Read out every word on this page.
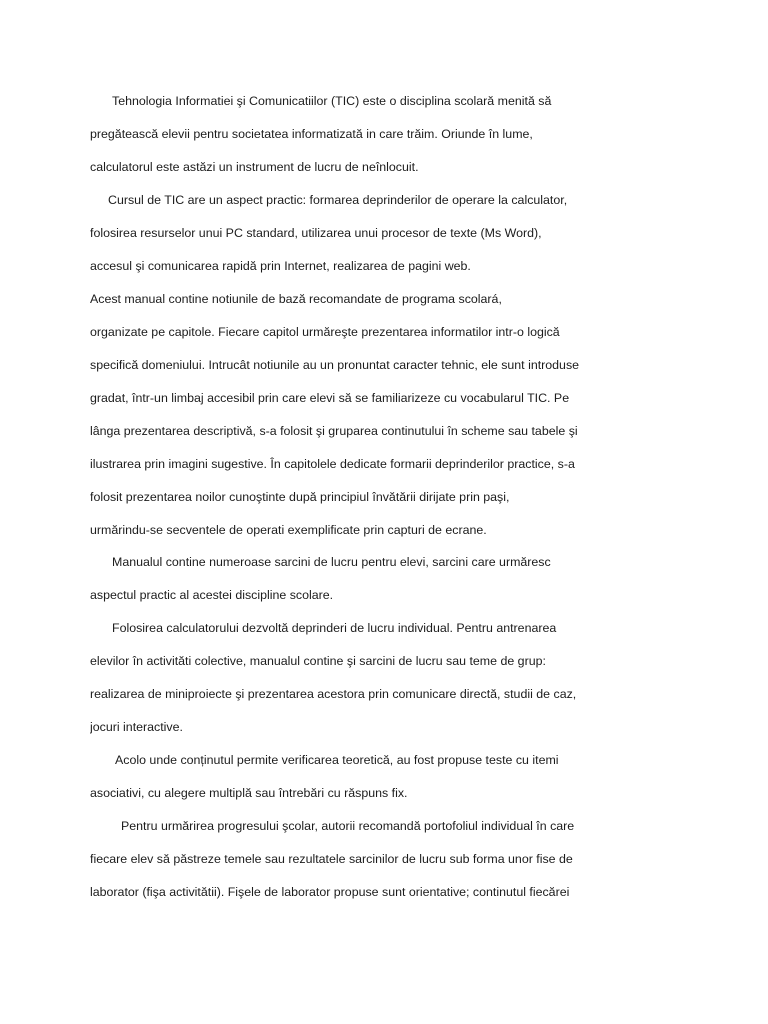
Tehnologia Informatiei şi Comunicatiilor (TIC) este o disciplina scolară menită să
pregătească elevii pentru societatea informatizată in care trăim. Oriunde în lume,
calculatorul este astăzi un instrument de lucru de neînlocuit.
Cursul de TIC are un aspect practic: formarea deprinderilor de operare la calculator,
folosirea resurselor unui PC standard, utilizarea unui procesor de texte (Ms Word),
accesul şi comunicarea rapidă prin Internet, realizarea de pagini web.
Acest manual contine notiunile de bază recomandate de programa scolará,
organizate pe capitole. Fiecare capitol urmăreşte prezentarea informatilor intr-o logică
specifică domeniului. Intrucât notiunile au un pronuntat caracter tehnic, ele sunt introduse
gradat, într-un limbaj accesibil prin care elevi să se familiarizeze cu vocabularul TIC. Pe
lânga prezentarea descriptivă, s-a folosit şi gruparea continutului în scheme sau tabele şi
ilustrarea prin imagini sugestive. În capitolele dedicate formarii deprinderilor practice, s-a
folosit prezentarea noilor cunoştinte după principiul învătării dirijate prin paşi,
urmărindu-se secventele de operati exemplificate prin capturi de ecrane.
Manualul contine numeroase sarcini de lucru pentru elevi, sarcini care urmăresc
aspectul practic al acestei discipline scolare.
Folosirea calculatorului dezvoltă deprinderi de lucru individual. Pentru antrenarea
elevilor în activităti colective, manualul contine şi sarcini de lucru sau teme de grup:
realizarea de miniproiecte şi prezentarea acestora prin comunicare directă, studii de caz,
jocuri interactive.
Acolo unde conținutul permite verificarea teoretică, au fost propuse teste cu itemi
asociativi, cu alegere multiplă sau întrebări cu răspuns fix.
Pentru urmărirea progresului şcolar, autorii recomandă portofoliul individual în care
fiecare elev să păstreze temele sau rezultatele sarcinilor de lucru sub forma unor fise de
laborator (fişa activitătii). Fişele de laborator propuse sunt orientative; continutul fiecărei
